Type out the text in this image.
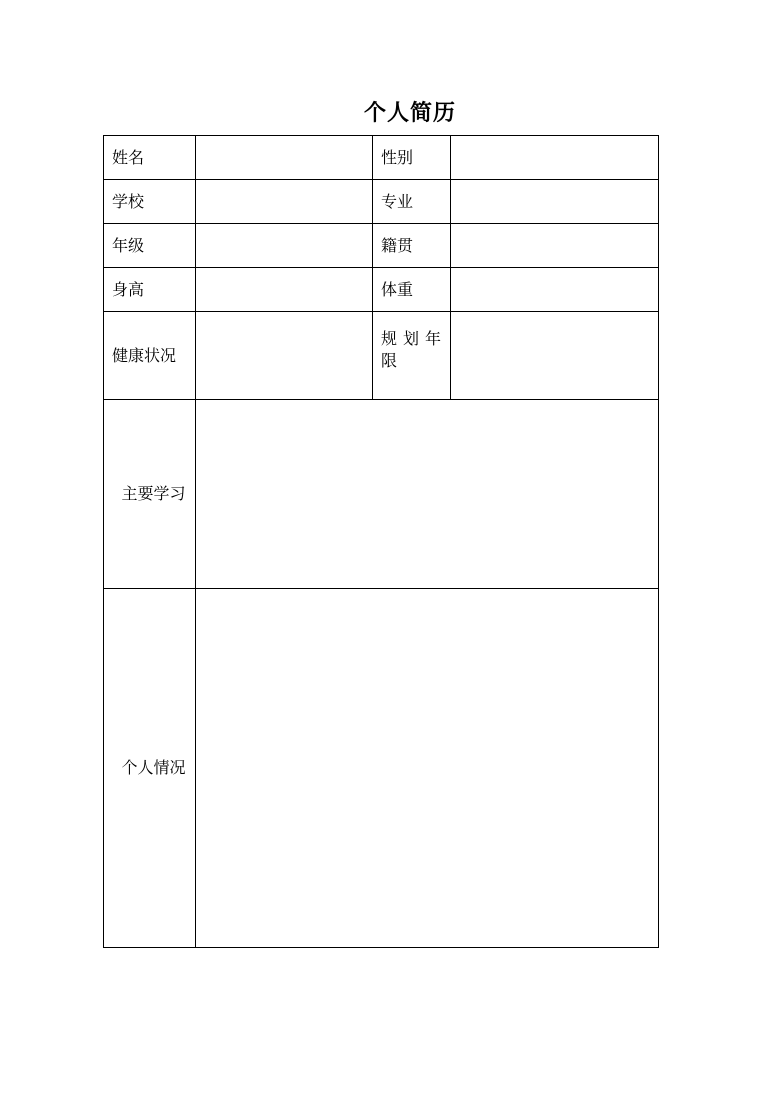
个人简历
姓名		性别	
学校		专业	
年级		籍贯	
身高		体重	
健康状况		规划年限	

主要学习			
个人情况			
